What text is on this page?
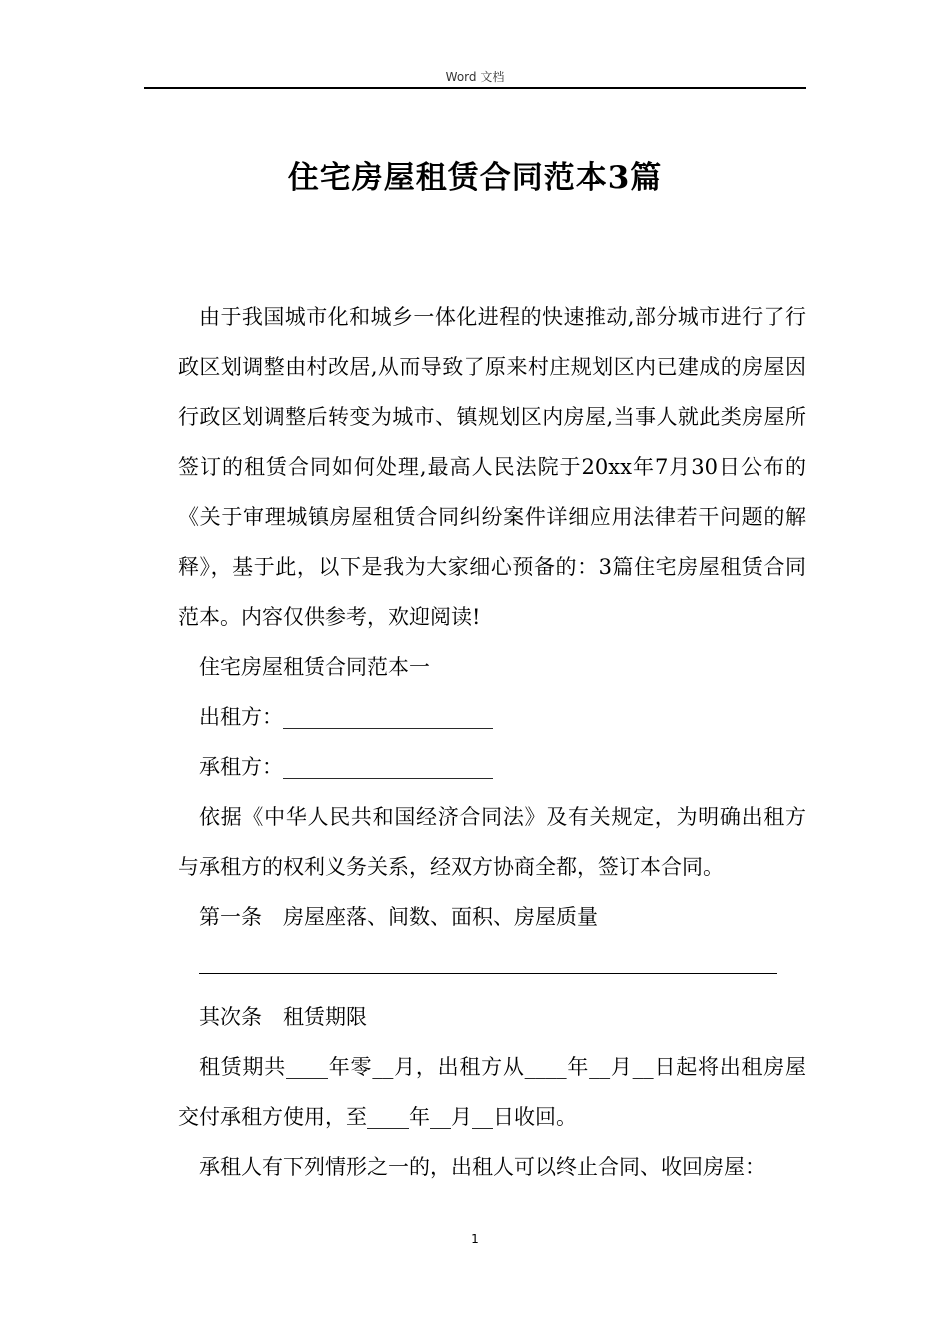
Word 文档
住宅房屋租赁合同范本3篇

由于我国城市化和城乡一体化进程的快速推动,部分城市进行了行政区划调整由村改居,从而导致了原来村庄规划区内已建成的房屋因行政区划调整后转变为城市、镇规划区内房屋,当事人就此类房屋所签订的租赁合同如何处理,最高人民法院于20xx年7月30日公布的《关于审理城镇房屋租赁合同纠纷案件详细应用法律若干问题的解释》，基于此，以下是我为大家细心预备的：3篇住宅房屋租赁合同范本。内容仅供参考，欢迎阅读!

住宅房屋租赁合同范本一

出租方：____________________

承租方：____________________

依据《中华人民共和国经济合同法》及有关规定，为明确出租方与承租方的权利义务关系，经双方协商全都，签订本合同。

第一条　房屋座落、间数、面积、房屋质量

其次条　租赁期限

租赁期共____年零__月，出租方从____年__月__日起将出租房屋交付承租方使用，至____年__月__日收回。

承租人有下列情形之一的，出租人可以终止合同、收回房屋：

1
